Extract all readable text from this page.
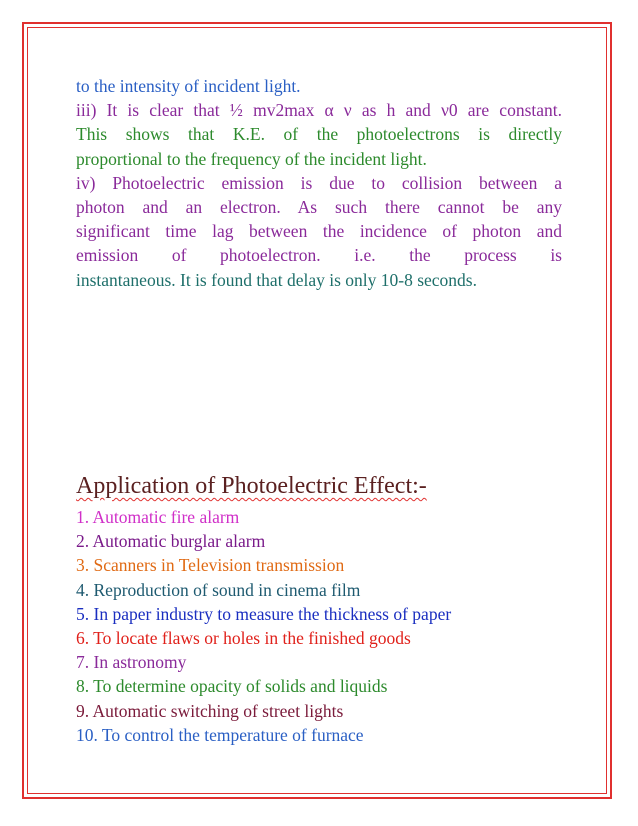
to the intensity of incident light.
iii) It is clear that ½ mv2max α ν as h and ν0 are constant.
This shows that K.E. of the photoelectrons is directly
proportional to the frequency of the incident light.
iv) Photoelectric emission is due to collision between a
photon and an electron. As such there cannot be any
significant time lag between the incidence of photon and
emission of photoelectron. i.e. the process is
instantaneous. It is found that delay is only 10-8 seconds.
Application of Photoelectric Effect:-
1. Automatic fire alarm
2. Automatic burglar alarm
3. Scanners in Television transmission
4. Reproduction of sound in cinema film
5. In paper industry to measure the thickness of paper
6. To locate flaws or holes in the finished goods
7. In astronomy
8. To determine opacity of solids and liquids
9. Automatic switching of street lights
10. To control the temperature of furnace
